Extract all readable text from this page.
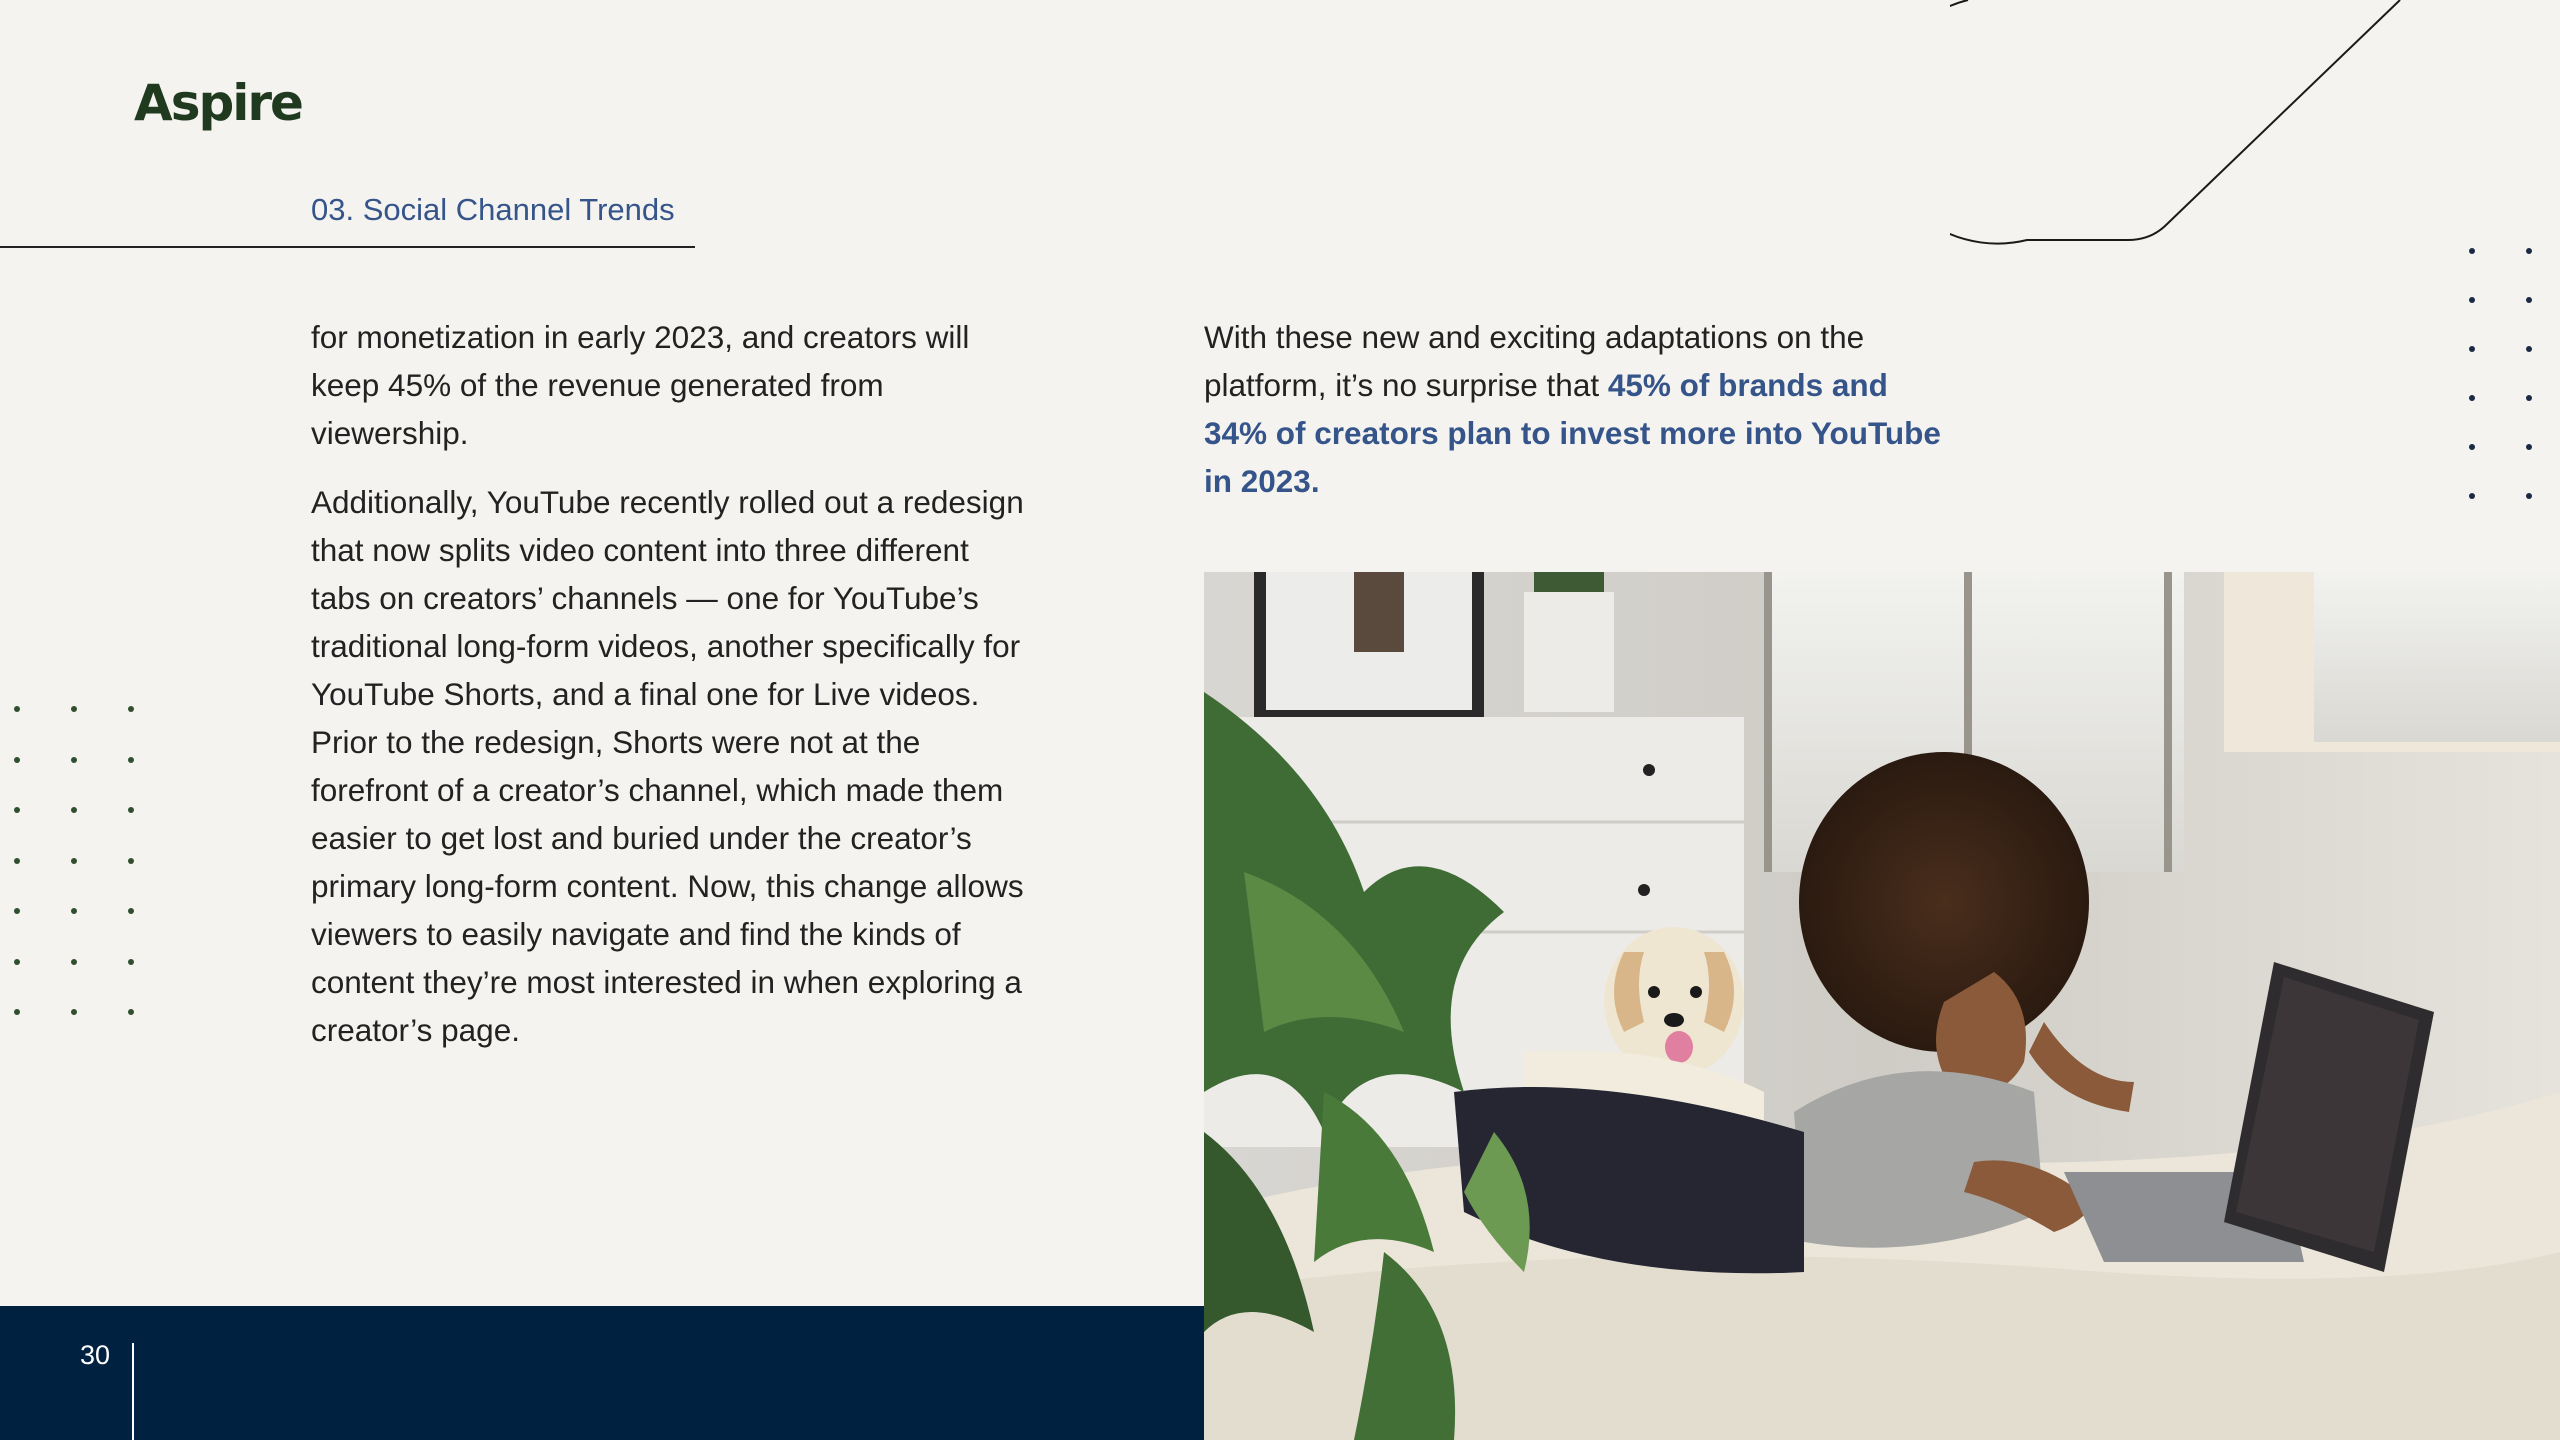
Aspire
03. Social Channel Trends

for monetization in early 2023, and creators will keep 45% of the revenue generated from viewership.

Additionally, YouTube recently rolled out a redesign that now splits video content into three different tabs on creators’ channels — one for YouTube’s traditional long-form videos, another specifically for YouTube Shorts, and a final one for Live videos. Prior to the redesign, Shorts were not at the forefront of a creator’s channel, which made them easier to get lost and buried under the creator’s primary long-form content. Now, this change allows viewers to easily navigate and find the kinds of content they’re most interested in when exploring a creator’s page.

With these new and exciting adaptations on the platform, it’s no surprise that 45% of brands and 34% of creators plan to invest more into YouTube in 2023.
30
